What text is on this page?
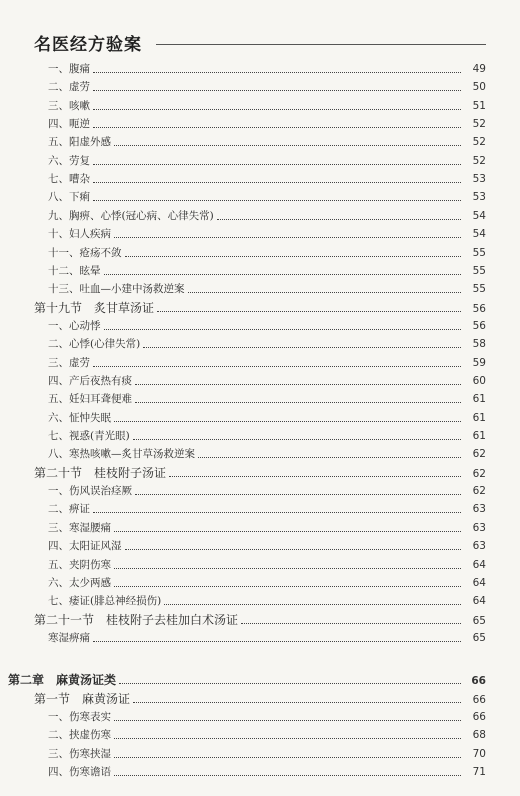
名医经方验案
一、腹痛	49
二、虚劳	50
三、咳嗽	51
四、呃逆	52
五、阳虚外感	52
六、劳复	52
七、嘈杂	53
八、下痢	53
九、胸痹、心悸(冠心病、心律失常)	54
十、妇人疾病	54
十一、疮疡不敛	55
十二、眩晕	55
十三、吐血—小建中汤救逆案	55
第十九节　炙甘草汤证	56
一、心动悸	56
二、心悸(心律失常)	58
三、虚劳	59
四、产后夜热有痰	60
五、妊妇耳聋便难	61
六、怔忡失眠	61
七、视惑(青光眼)	61
八、寒热咳嗽—炙甘草汤救逆案	62
第二十节　桂枝附子汤证	62
一、伤风误治痉厥	62
二、痹证	63
三、寒湿腰痛	63
四、太阳证风湿	63
五、夹阴伤寒	64
六、太少两感	64
七、痿证(腓总神经损伤)	64
第二十一节　桂枝附子去桂加白术汤证	65
寒湿痹痛	65
第二章　麻黄汤证类	66
第一节　麻黄汤证	66
一、伤寒表实	66
二、挟虚伤寒	68
三、伤寒挟湿	70
四、伤寒谵语	71
